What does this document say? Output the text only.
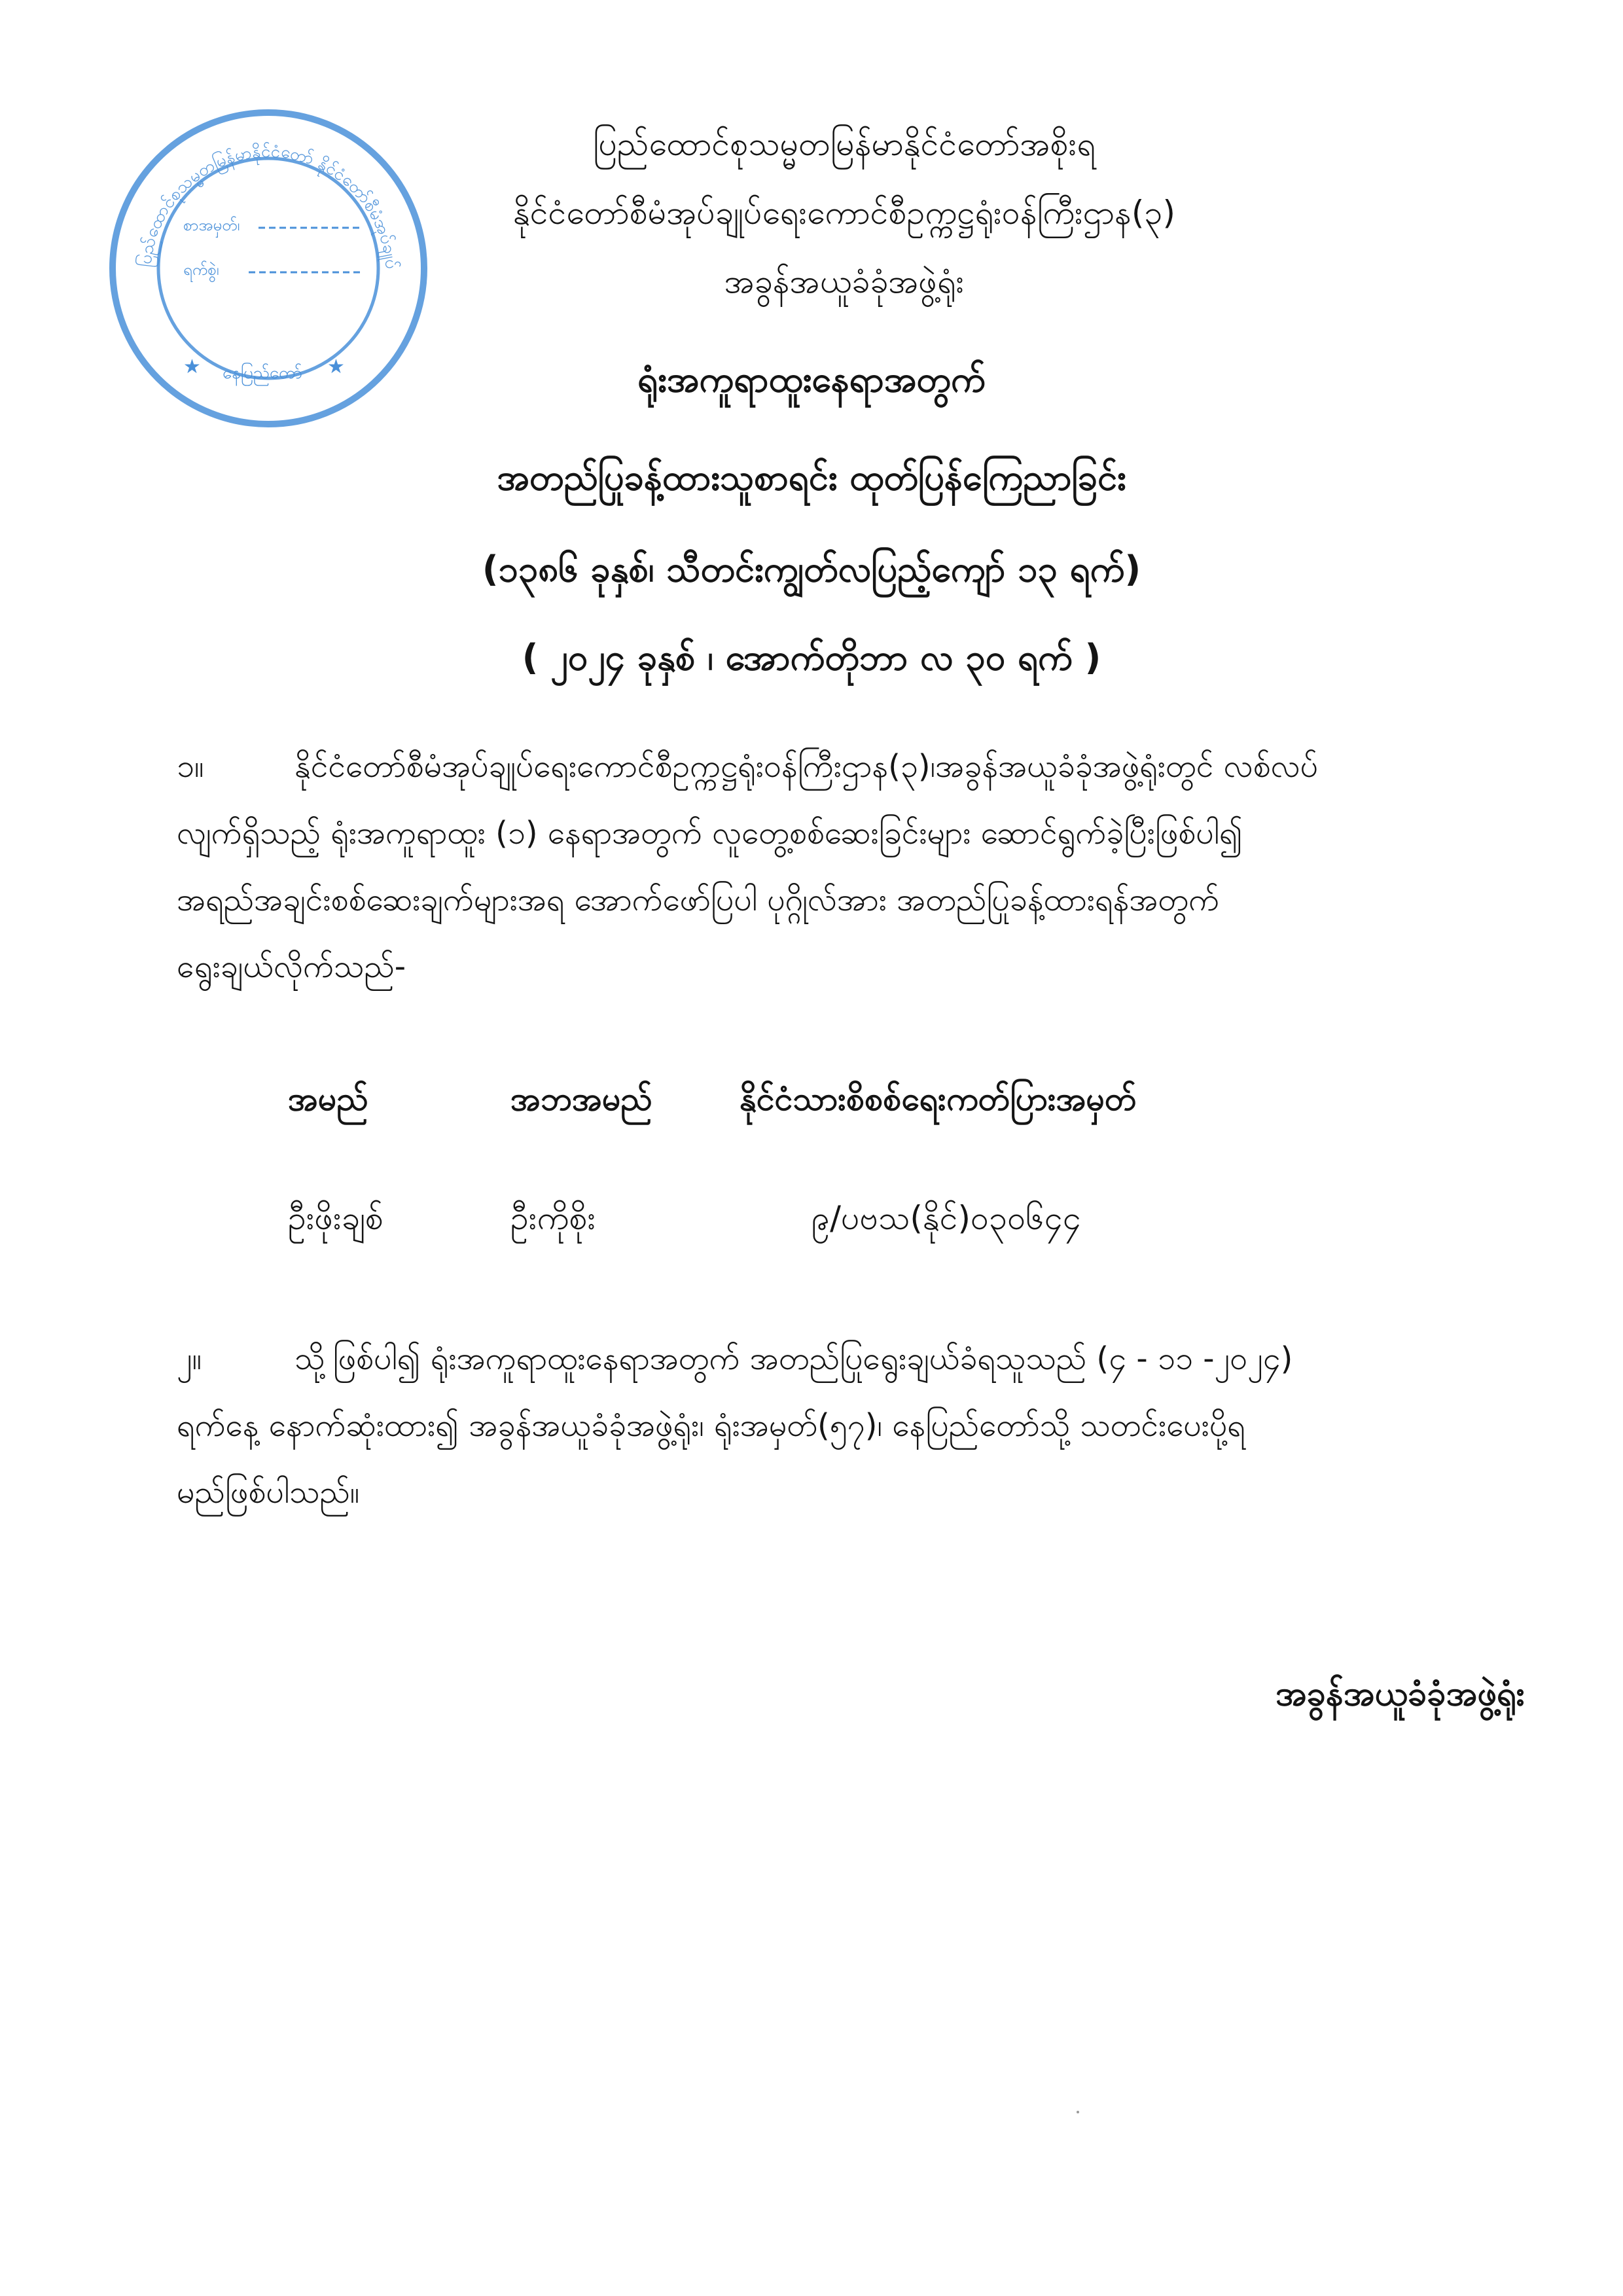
ပြည်ထောင်စုသမ္မတမြန်မာနိုင်ငံတော် နိုင်ငံတော်စီမံအုပ်ချုပ်ရေးကောင်စီဥက္ကဋ္ဌရုံးဝန်ကြီးဌာန(၃)
စာအမှတ်၊
ရက်စွဲ၊
★ နေပြည်တော် ★
ပြည်ထောင်စုသမ္မတမြန်မာနိုင်ငံတော်အစိုးရ
နိုင်ငံတော်စီမံအုပ်ချုပ်ရေးကောင်စီဥက္ကဋ္ဌရုံးဝန်ကြီးဌာန(၃)
အခွန်အယူခံခုံအဖွဲ့ရုံး
ရုံးအကူရာထူးနေရာအတွက်
အတည်ပြုခန့်ထားသူစာရင်း ထုတ်ပြန်ကြေညာခြင်း
(၁၃၈၆ ခုနှစ်၊ သီတင်းကျွတ်လပြည့်ကျော် ၁၃ ရက်)
( ၂၀၂၄ ခုနှစ် ၊ အောက်တိုဘာ လ ၃၀ ရက် )
၁။	နိုင်ငံတော်စီမံအုပ်ချုပ်ရေးကောင်စီဥက္ကဋ္ဌရုံးဝန်ကြီးဌာန(၃)၊အခွန်အယူခံခုံအဖွဲ့ရုံးတွင် လစ်လပ်
လျက်ရှိသည့် ရုံးအကူရာထူး (၁) နေရာအတွက် လူတွေ့စစ်ဆေးခြင်းများ ဆောင်ရွက်ခဲ့ပြီးဖြစ်ပါ၍
အရည်အချင်းစစ်ဆေးချက်များအရ အောက်ဖော်ပြပါ ပုဂ္ဂိုလ်အား အတည်ပြုခန့်ထားရန်အတွက်
ရွေးချယ်လိုက်သည်-
အမည်	အဘအမည်	နိုင်ငံသားစိစစ်ရေးကတ်ပြားအမှတ်
ဦးဖိုးချစ်	ဦးကိုစိုး	၉/ပဗသ(နိုင်)၀၃၀၆၄၄
၂။	သို့ဖြစ်ပါ၍ ရုံးအကူရာထူးနေရာအတွက် အတည်ပြုရွေးချယ်ခံရသူသည် (၄ - ၁၁ -၂၀၂၄)
ရက်နေ့ နောက်ဆုံးထား၍ အခွန်အယူခံခုံအဖွဲ့ရုံး၊ ရုံးအမှတ်(၅၇)၊ နေပြည်တော်သို့ သတင်းပေးပို့ရ
မည်ဖြစ်ပါသည်။
အခွန်အယူခံခုံအဖွဲ့ရုံး
